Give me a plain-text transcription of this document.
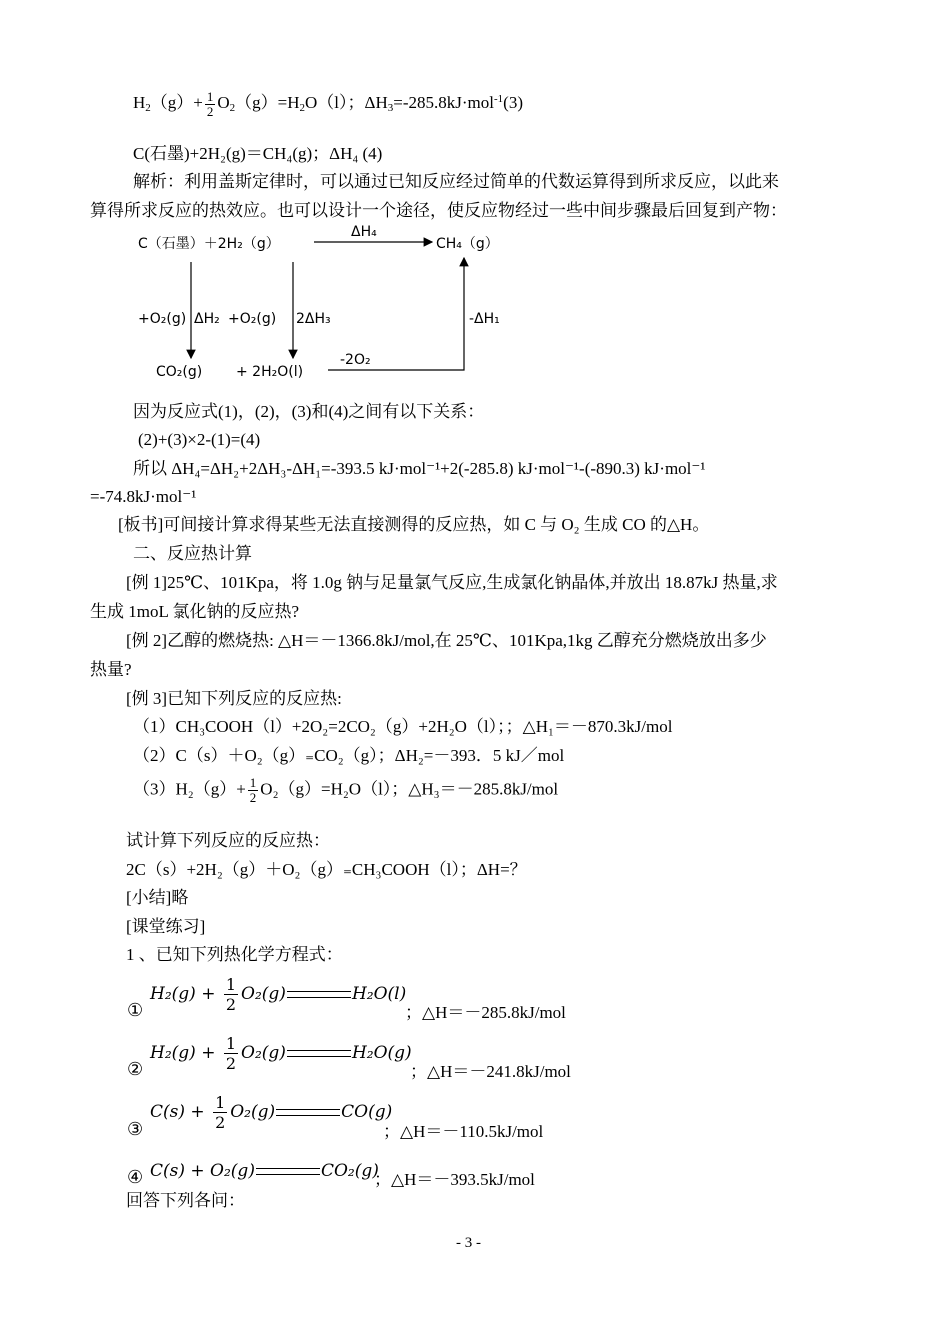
$H_2(g)+ \frac{1}{2} O_2(g)=H_2O(l)$；$\Delta H_3=-285.8kJ\cdot mol^{-1}(3)$
C(石墨)+2H₂(g)＝CH₄(g)；ΔH₄ (4)
解析：利用盖斯定律时，可以通过已知反应经过简单的代数运算得到所求反应，以此来
算得所求反应的热效应。也可以设计一个途径，使反应物经过一些中间步骤最后回复到产物：
C（石墨）＋2H₂（g）	CH₄（g）
ΔH₄
+O₂(g) ΔH₂ +O₂(g) 2ΔH₃	-ΔH₁
CO₂(g) + 2H₂O(l)
-2O₂
因为反应式(1)，(2)，(3)和(4)之间有以下关系：
(2)+(3)×2-(1)=(4)
所以 ΔH₄=ΔH₂+2ΔH₃-ΔH₁=-393.5 kJ·mol⁻¹+2(-285.8) kJ·mol⁻¹-(-890.3) kJ·mol⁻¹
=-74.8kJ·mol⁻¹
[板书]可间接计算求得某些无法直接测得的反应热，如 C 与 O₂ 生成 CO 的△H。
二、反应热计算
[例 1]25℃、101Kpa，将 1.0g 钠与足量氯气反应,生成氯化钠晶体,并放出 18.87kJ 热量,求
生成 1moL 氯化钠的反应热?
[例 2]乙醇的燃烧热: △H＝－1366.8kJ/mol,在 25℃、101Kpa,1kg 乙醇充分燃烧放出多少
热量?
[例 3]已知下列反应的反应热:
（1）CH₃COOH（l）+2O₂=2CO₂（g）+2H₂O（l）；；△H₁＝－870.3kJ/mol
（2）C（s）＋O₂（g）₌CO₂（g）；ΔH₂=－393．5 kJ／mol
$(3)H_2(g)+ \frac{1}{2} O_2(g)=H_2O(l)$；△H₃＝－285.8kJ/mol
试计算下列反应的反应热：
2C（s）+2H₂（g）＋O₂（g）₌CH₃COOH（l）；ΔH=？
[小结]略
[课堂练习]
1 、已知下列热化学方程式：
①
$H_2(g) + \frac{1}{2} O_2(g)$	H₂O(l)
；△H＝－285.8kJ/mol
②
$H_2(g) + \frac{1}{2} O_2(g)$	H₂O(g)
；△H＝－241.8kJ/mol
③
$C(s) + \frac{1}{2} O_2(g)$	CO(g)
；△H＝－110.5kJ/mol
④ C(s) + O₂(g)	CO₂(g)
；△H＝－393.5kJ/mol
回答下列各问：
- 3 -
